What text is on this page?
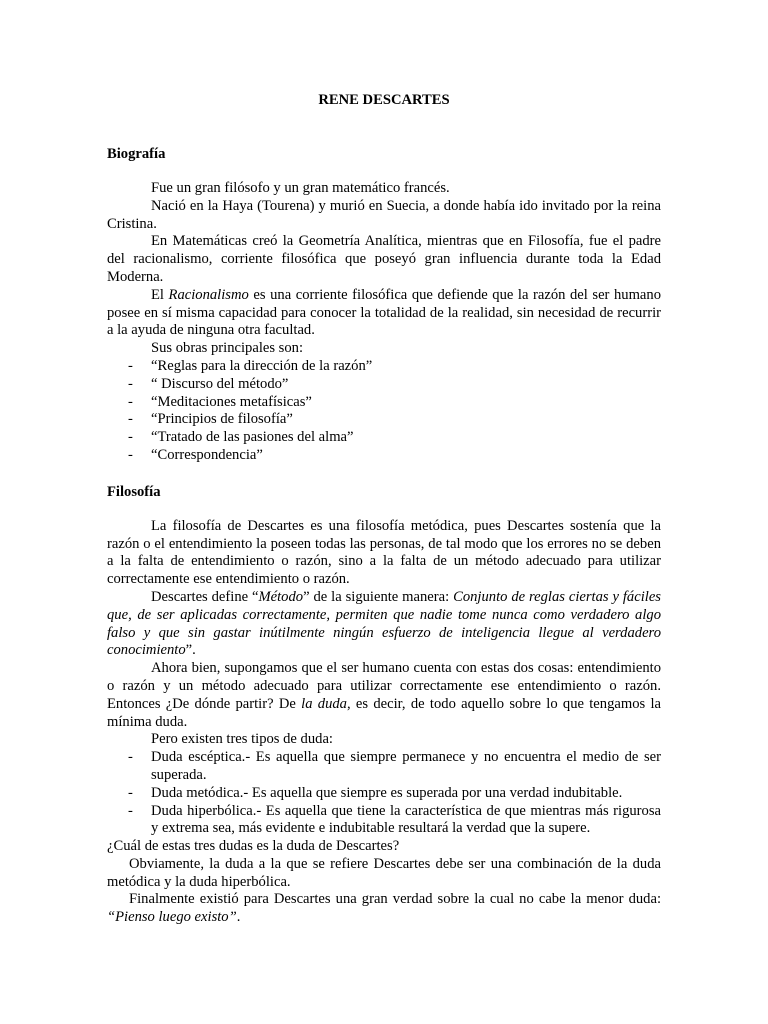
RENE DESCARTES
Biografía

Fue un gran filósofo y un gran matemático francés.

Nació en la Haya (Tourena) y murió en Suecia, a donde había ido invitado por la reina Cristina.

En Matemáticas creó la Geometría Analítica, mientras que en Filosofía, fue el padre del racionalismo, corriente filosófica que poseyó gran influencia durante toda la Edad Moderna.

El Racionalismo es una corriente filosófica que defiende que la razón del ser humano posee en sí misma capacidad para conocer la totalidad de la realidad, sin necesidad de recurrir a la ayuda de ninguna otra facultad.

Sus obras principales son:

- “Reglas para la dirección de la razón”
- “ Discurso del método”
- “Meditaciones metafísicas”
- “Principios de filosofía”
- “Tratado de las pasiones del alma”
- “Correspondencia”
Filosofía

La filosofía de Descartes es una filosofía metódica, pues Descartes sostenía que la razón o el entendimiento la poseen todas las personas, de tal modo que los errores no se deben a la falta de entendimiento o razón, sino a la falta de un método adecuado para utilizar correctamente ese entendimiento o razón.

Descartes define “Método” de la siguiente manera: Conjunto de reglas ciertas y fáciles que, de ser aplicadas correctamente, permiten que nadie tome nunca como verdadero algo falso y que sin gastar inútilmente ningún esfuerzo de inteligencia llegue al verdadero conocimiento”.

Ahora bien, supongamos que el ser humano cuenta con estas dos cosas: entendimiento o razón y un método adecuado para utilizar correctamente ese entendimiento o razón. Entonces ¿De dónde partir? De la duda, es decir, de todo aquello sobre lo que tengamos la mínima duda.

Pero existen tres tipos de duda:

- Duda escéptica.- Es aquella que siempre permanece y no encuentra el medio de ser superada.
- Duda metódica.- Es aquella que siempre es superada por una verdad indubitable.
- Duda hiperbólica.- Es aquella que tiene la característica de que mientras más rigurosa y extrema sea, más evidente e indubitable resultará la verdad que la supere.

¿Cuál de estas tres dudas es la duda de Descartes?

Obviamente, la duda a la que se refiere Descartes debe ser una combinación de la duda metódica y la duda hiperbólica.

Finalmente existió para Descartes una gran verdad sobre la cual no cabe la menor duda: “Pienso luego existo”.
